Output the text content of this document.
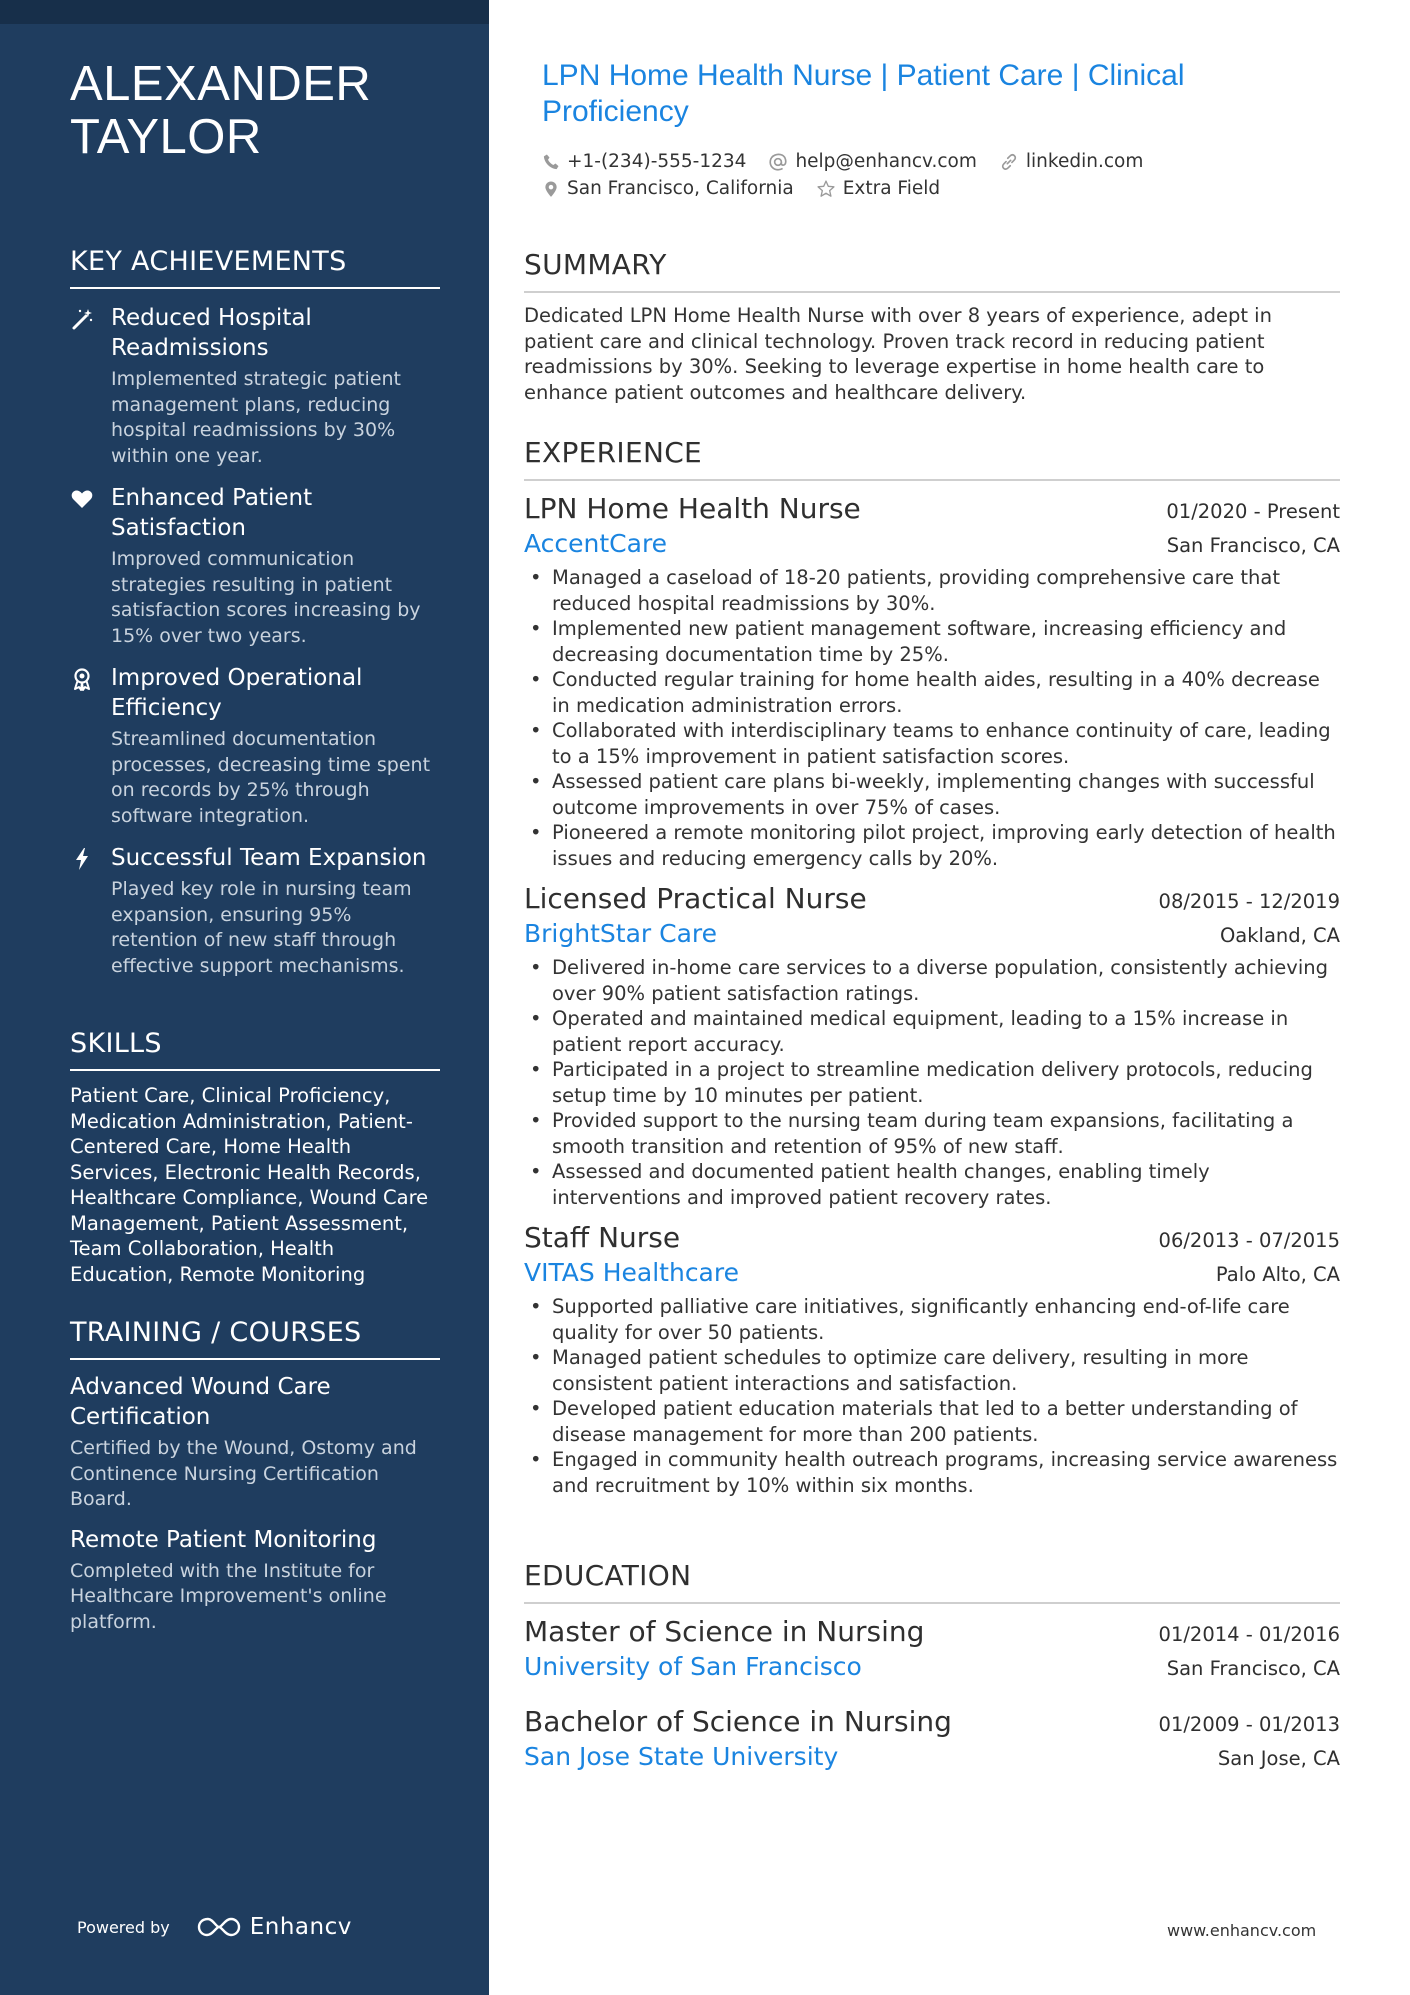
ALEXANDER
TAYLOR
KEY ACHIEVEMENTS
Reduced Hospital Readmissions
Implemented strategic patient management plans, reducing hospital readmissions by 30% within one year.
Enhanced Patient Satisfaction
Improved communication strategies resulting in patient satisfaction scores increasing by 15% over two years.
Improved Operational Efficiency
Streamlined documentation processes, decreasing time spent on records by 25% through software integration.
Successful Team Expansion
Played key role in nursing team expansion, ensuring 95% retention of new staff through effective support mechanisms.
SKILLS
Patient Care, Clinical Proficiency, Medication Administration, Patient-Centered Care, Home Health Services, Electronic Health Records, Healthcare Compliance, Wound Care Management, Patient Assessment, Team Collaboration, Health Education, Remote Monitoring
TRAINING / COURSES
Advanced Wound Care Certification
Certified by the Wound, Ostomy and Continence Nursing Certification Board.
Remote Patient Monitoring
Completed with the Institute for Healthcare Improvement's online platform.
Powered by	Enhancv
LPN Home Health Nurse | Patient Care | Clinical Proficiency
+1-(234)-555-1234	help@enhancv.com	linkedin.com
San Francisco, California	Extra Field
SUMMARY
Dedicated LPN Home Health Nurse with over 8 years of experience, adept in patient care and clinical technology. Proven track record in reducing patient readmissions by 30%. Seeking to leverage expertise in home health care to enhance patient outcomes and healthcare delivery.
EXPERIENCE
LPN Home Health Nurse	01/2020 - Present
AccentCare	San Francisco, CA
• Managed a caseload of 18-20 patients, providing comprehensive care that reduced hospital readmissions by 30%.
• Implemented new patient management software, increasing efficiency and decreasing documentation time by 25%.
• Conducted regular training for home health aides, resulting in a 40% decrease in medication administration errors.
• Collaborated with interdisciplinary teams to enhance continuity of care, leading to a 15% improvement in patient satisfaction scores.
• Assessed patient care plans bi-weekly, implementing changes with successful outcome improvements in over 75% of cases.
• Pioneered a remote monitoring pilot project, improving early detection of health issues and reducing emergency calls by 20%.
Licensed Practical Nurse	08/2015 - 12/2019
BrightStar Care	Oakland, CA
• Delivered in-home care services to a diverse population, consistently achieving over 90% patient satisfaction ratings.
• Operated and maintained medical equipment, leading to a 15% increase in patient report accuracy.
• Participated in a project to streamline medication delivery protocols, reducing setup time by 10 minutes per patient.
• Provided support to the nursing team during team expansions, facilitating a smooth transition and retention of 95% of new staff.
• Assessed and documented patient health changes, enabling timely interventions and improved patient recovery rates.
Staff Nurse	06/2013 - 07/2015
VITAS Healthcare	Palo Alto, CA
• Supported palliative care initiatives, significantly enhancing end-of-life care quality for over 50 patients.
• Managed patient schedules to optimize care delivery, resulting in more consistent patient interactions and satisfaction.
• Developed patient education materials that led to a better understanding of disease management for more than 200 patients.
• Engaged in community health outreach programs, increasing service awareness and recruitment by 10% within six months.
EDUCATION
Master of Science in Nursing	01/2014 - 01/2016
University of San Francisco	San Francisco, CA
Bachelor of Science in Nursing	01/2009 - 01/2013
San Jose State University	San Jose, CA
www.enhancv.com
